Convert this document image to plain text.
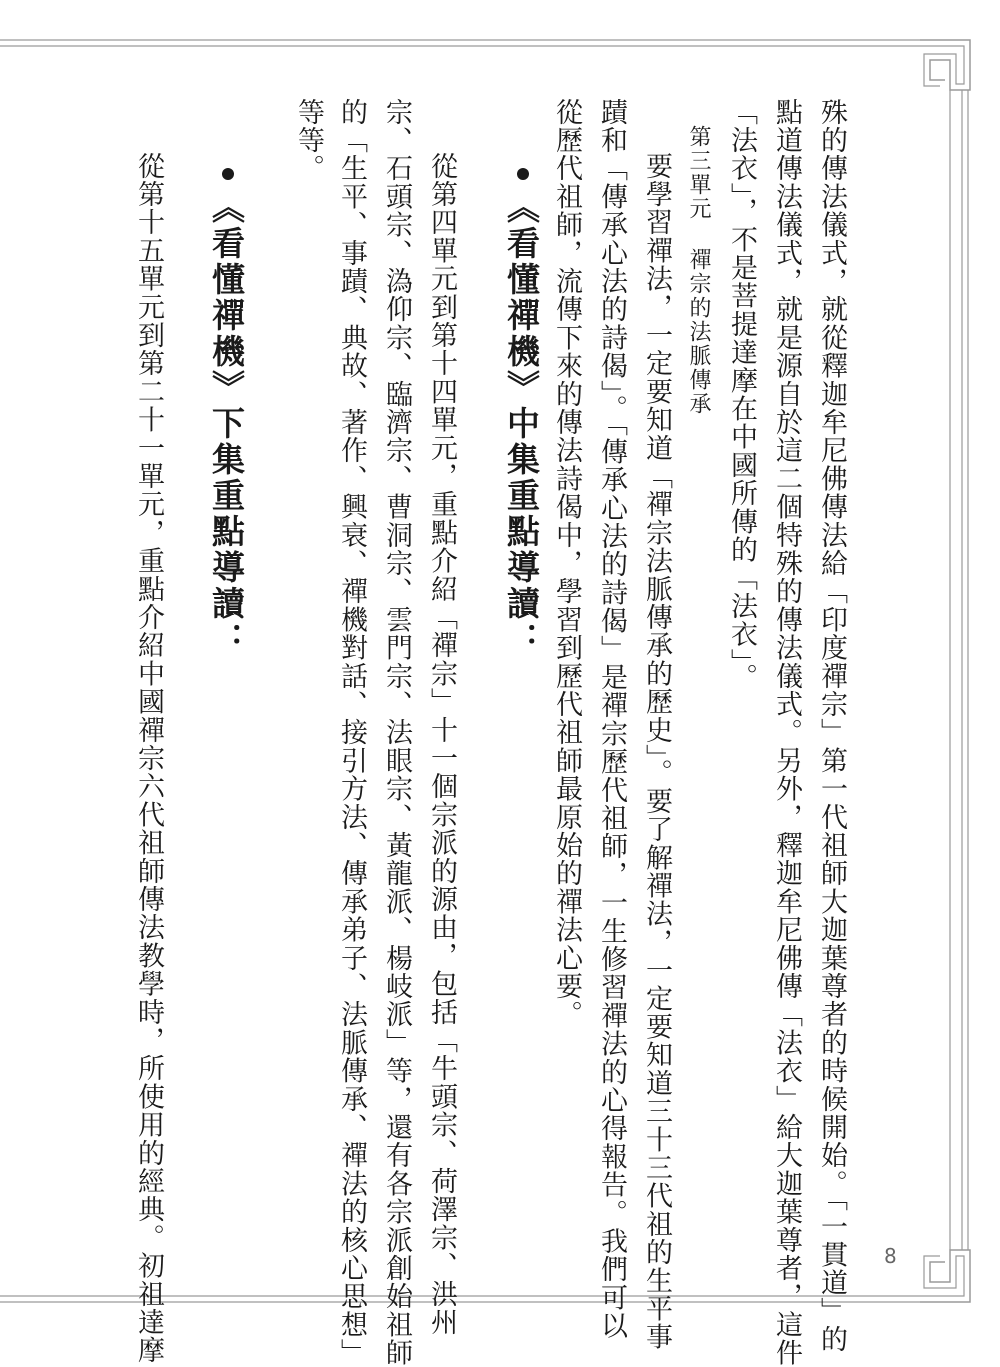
殊的傳法儀式，就從釋迦牟尼佛傳法給「印度禪宗」第一代祖師大迦葉尊者的時候開始。「一貫道」的
點道傳法儀式，就是源自於這二個特殊的傳法儀式。另外，釋迦牟尼佛傳「法衣」給大迦葉尊者，這件
「法衣」，不是菩提達摩在中國所傳的「法衣」。
第三單元 禪宗的法脈傳承
要學習禪法，一定要知道「禪宗法脈傳承的歷史」。要了解禪法，一定要知道三十三代祖的生平事
蹟和「傳承心法的詩偈」。「傳承心法的詩偈」是禪宗歷代祖師，一生修習禪法的心得報告。我們可以
從歷代祖師，流傳下來的傳法詩偈中，學習到歷代祖師最原始的禪法心要。
《看懂禪機》中集重點導讀：
從第四單元到第十四單元，重點介紹「禪宗」十一個宗派的源由，包括「牛頭宗、荷澤宗、洪州
宗、石頭宗、溈仰宗、臨濟宗、曹洞宗、雲門宗、法眼宗、黃龍派、楊岐派」等，還有各宗派創始祖師
的「生平、事蹟、典故、著作、興衰、禪機對話、接引方法、傳承弟子、法脈傳承、禪法的核心思想」
等等。
《看懂禪機》下集重點導讀：
從第十五單元到第二十一單元，重點介紹中國禪宗六代祖師傳法教學時，所使用的經典。初祖達摩	8
